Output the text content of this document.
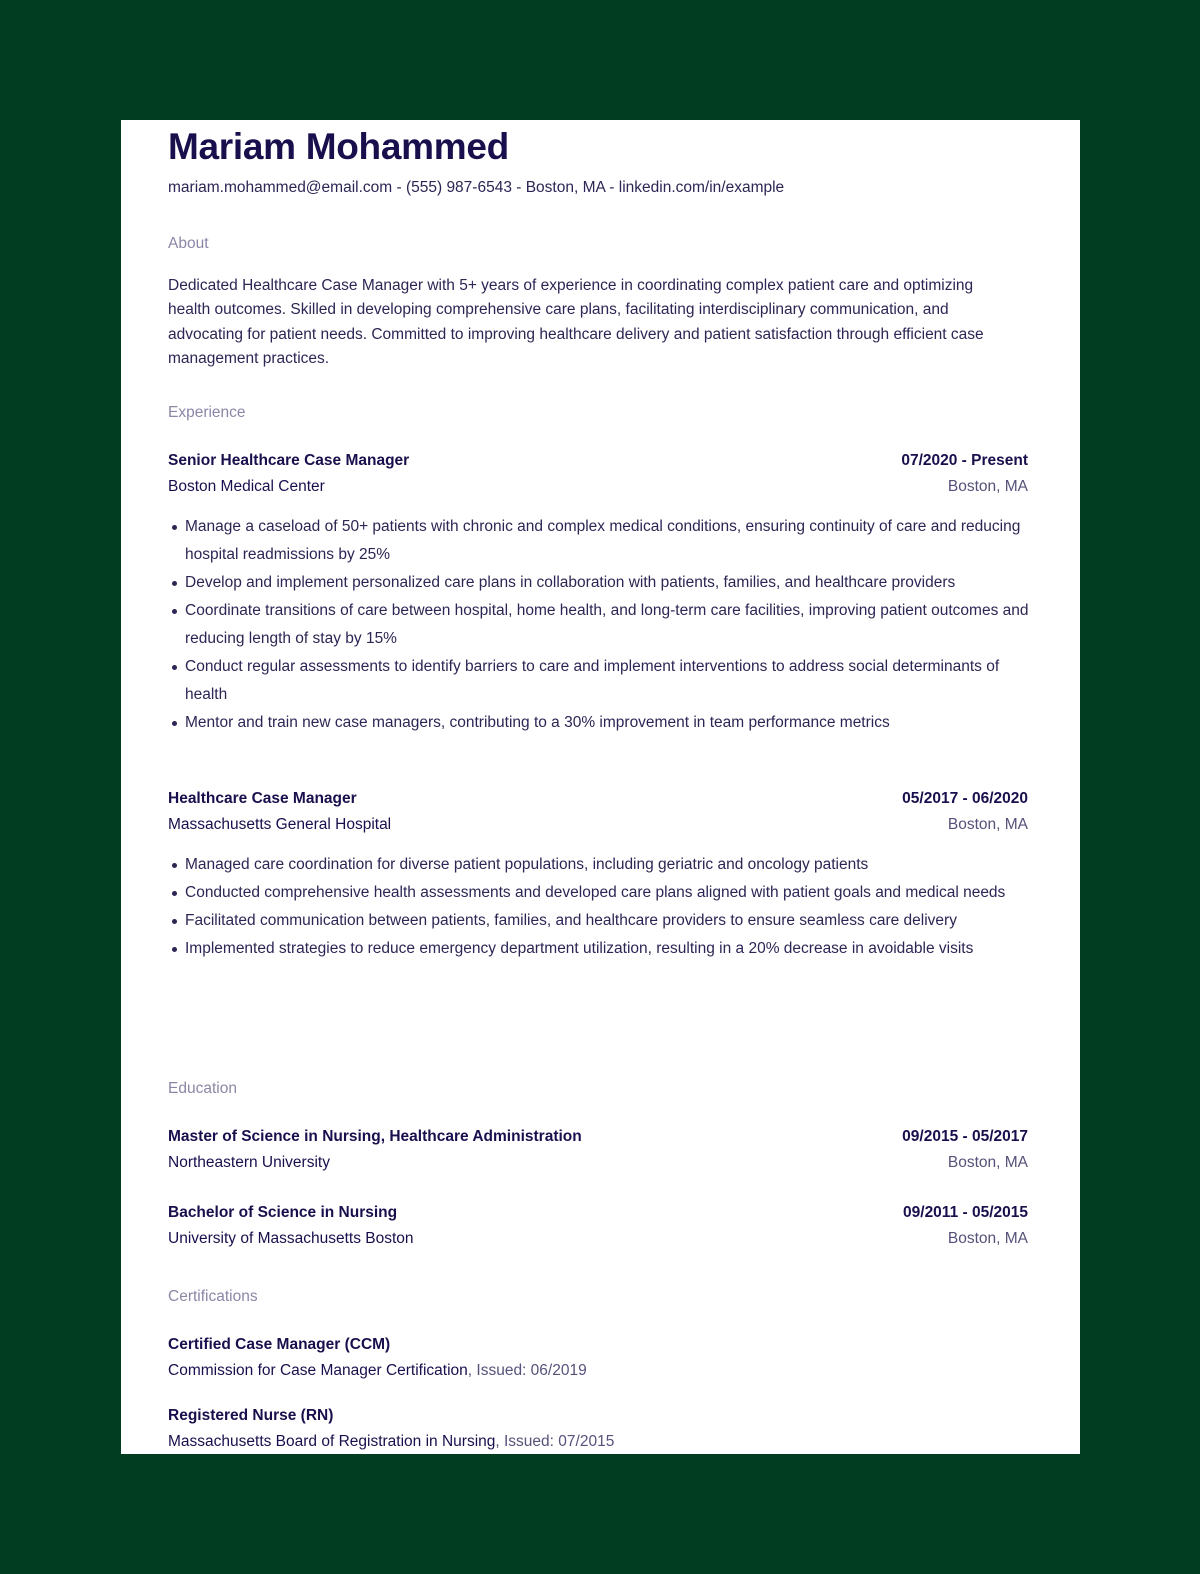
Mariam Mohammed
mariam.mohammed@email.com - (555) 987-6543 - Boston, MA - linkedin.com/in/example
About
Dedicated Healthcare Case Manager with 5+ years of experience in coordinating complex patient care and optimizing health outcomes. Skilled in developing comprehensive care plans, facilitating interdisciplinary communication, and advocating for patient needs. Committed to improving healthcare delivery and patient satisfaction through efficient case management practices.
Experience
Senior Healthcare Case Manager	07/2020 - Present
Boston Medical Center	Boston, MA
Manage a caseload of 50+ patients with chronic and complex medical conditions, ensuring continuity of care and reducing hospital readmissions by 25%
Develop and implement personalized care plans in collaboration with patients, families, and healthcare providers
Coordinate transitions of care between hospital, home health, and long-term care facilities, improving patient outcomes and reducing length of stay by 15%
Conduct regular assessments to identify barriers to care and implement interventions to address social determinants of health
Mentor and train new case managers, contributing to a 30% improvement in team performance metrics
Healthcare Case Manager	05/2017 - 06/2020
Massachusetts General Hospital	Boston, MA
Managed care coordination for diverse patient populations, including geriatric and oncology patients
Conducted comprehensive health assessments and developed care plans aligned with patient goals and medical needs
Facilitated communication between patients, families, and healthcare providers to ensure seamless care delivery
Implemented strategies to reduce emergency department utilization, resulting in a 20% decrease in avoidable visits
Education
Master of Science in Nursing, Healthcare Administration	09/2015 - 05/2017
Northeastern University	Boston, MA
Bachelor of Science in Nursing	09/2011 - 05/2015
University of Massachusetts Boston	Boston, MA
Certifications
Certified Case Manager (CCM)
Commission for Case Manager Certification, Issued: 06/2019
Registered Nurse (RN)
Massachusetts Board of Registration in Nursing, Issued: 07/2015
